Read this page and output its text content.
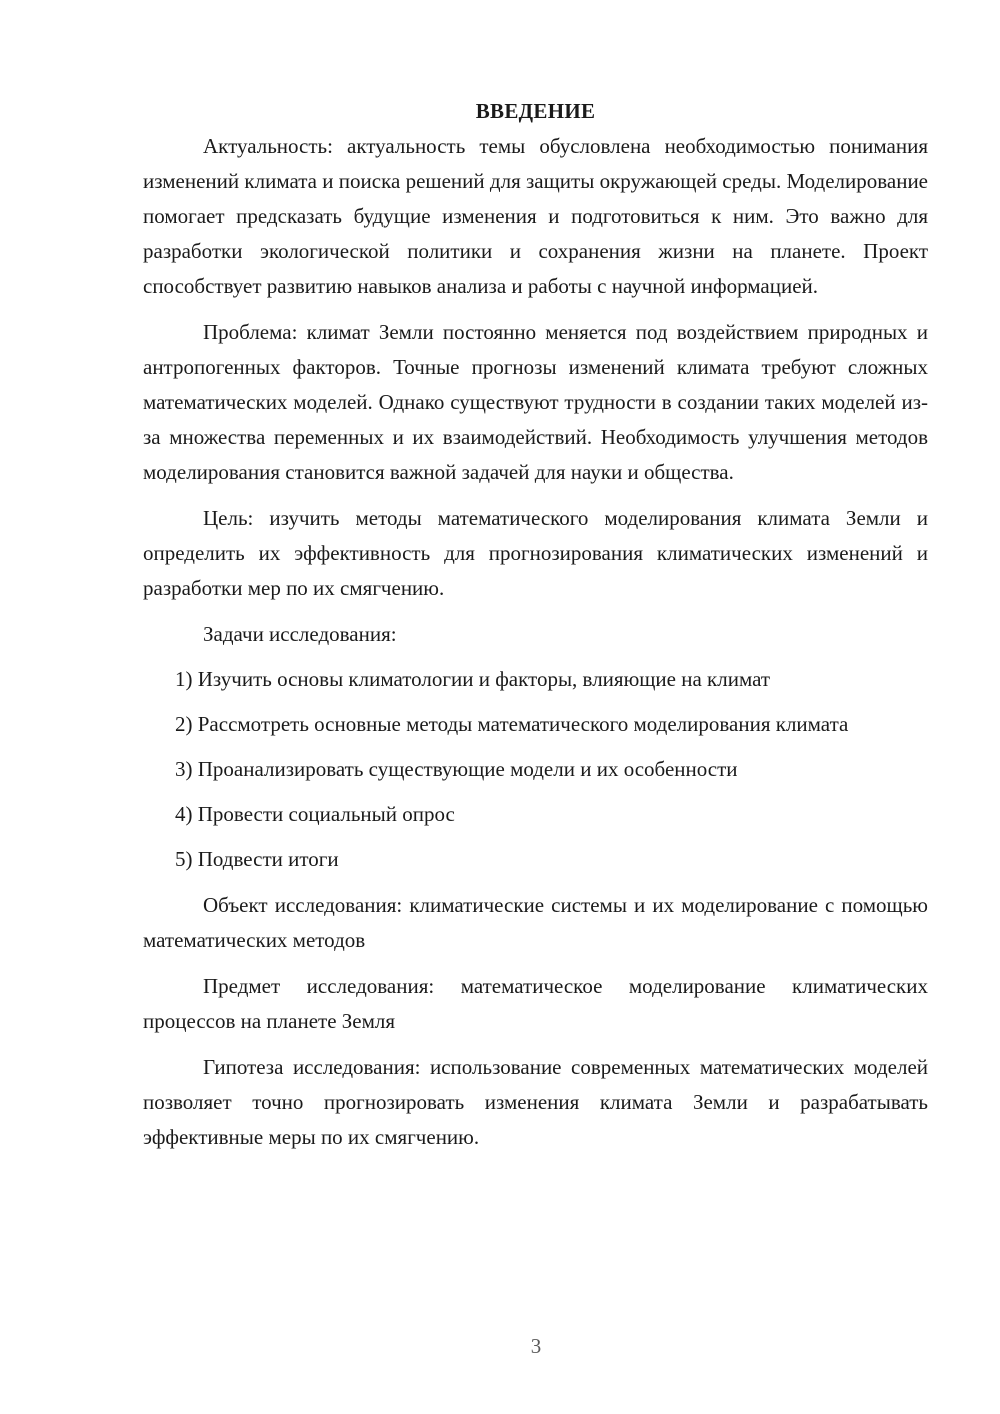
ВВЕДЕНИЕ

Актуальность: актуальность темы обусловлена необходимостью понимания изменений климата и поиска решений для защиты окружающей среды. Моделирование помогает предсказать будущие изменения и подготовиться к ним. Это важно для разработки экологической политики и сохранения жизни на планете. Проект способствует развитию навыков анализа и работы с научной информацией.

Проблема: климат Земли постоянно меняется под воздействием природных и антропогенных факторов. Точные прогнозы изменений климата требуют сложных математических моделей. Однако существуют трудности в создании таких моделей из-за множества переменных и их взаимодействий. Необходимость улучшения методов моделирования становится важной задачей для науки и общества.

Цель: изучить методы математического моделирования климата Земли и определить их эффективность для прогнозирования климатических изменений и разработки мер по их смягчению.

Задачи исследования:

1) Изучить основы климатологии и факторы, влияющие на климат

2) Рассмотреть основные методы математического моделирования климата

3) Проанализировать существующие модели и их особенности

4) Провести социальный опрос

5) Подвести итоги

Объект исследования: климатические системы и их моделирование с помощью математических методов

Предмет исследования: математическое моделирование климатических процессов на планете Земля

Гипотеза исследования: использование современных математических моделей позволяет точно прогнозировать изменения климата Земли и разрабатывать эффективные меры по их смягчению.

3
